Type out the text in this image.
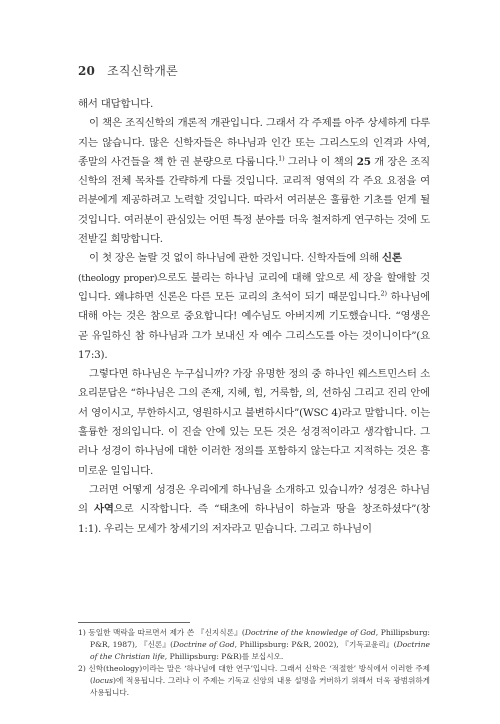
20 조직신학개론

해서 대답합니다.

이 책은 조직신학의 개론적 개관입니다. 그래서 각 주제를 아주 상세하게 다루지는 않습니다. 많은 신학자들은 하나님과 인간 또는 그리스도의 인격과 사역, 종말의 사건들을 책 한 권 분량으로 다룹니다.$^{1)}$ 그러나 이 책의 25 개 장은 조직신학의 전체 목차를 간략하게 다룰 것입니다. 교리적 영역의 각 주요 요점을 여러분에게 제공하려고 노력할 것입니다. 따라서 여러분은 훌륭한 기초를 얻게 될 것입니다. 여러분이 관심있는 어떤 특정 분야를 더욱 철저하게 연구하는 것에 도전받길 희망합니다.

이 첫 장은 놀랄 것 없이 하나님에 관한 것입니다. 신학자들에 의해 신론
(theology proper)으로도 불리는 하나님 교리에 대해 앞으로 세 장을 할애할 것입니다. 왜냐하면 신론은 다른 모든 교리의 초석이 되기 때문입니다.$^{2)}$ 하나님에 대해 아는 것은 참으로 중요합니다! 예수님도 아버지께 기도했습니다. “영생은 곧 유일하신 참 하나님과 그가 보내신 자 예수 그리스도를 아는 것이니이다”(요 17:3).

그렇다면 하나님은 누구십니까? 가장 유명한 정의 중 하나인 웨스트민스터 소요리문답은 “하나님은 그의 존재, 지혜, 힘, 거룩함, 의, 선하심 그리고 진리 안에서 영이시고, 무한하시고, 영원하시고 불변하시다”(WSC 4)라고 말합니다. 이는 훌륭한 정의입니다. 이 진술 안에 있는 모든 것은 성경적이라고 생각합니다. 그러나 성경이 하나님에 대한 이러한 정의를 포함하지 않는다고 지적하는 것은 흥미로운 일입니다.

그러면 어떻게 성경은 우리에게 하나님을 소개하고 있습니까? 성경은 하나님의 사역으로 시작합니다. 즉 “태초에 하나님이 하늘과 땅을 창조하셨다”(창 1:1). 우리는 모세가 창세기의 저자라고 믿습니다. 그리고 하나님이

1) 동일한 맥락을 따르면서 제가 쓴 『신지식론』(Doctrine of the knowledge of God, Phillipsburg: P&R, 1987), 『신론』(Doctrine of God, Phillipsburg: P&R, 2002), 『기독교윤리』(Doctrine of the Christian life, Phillipsburg: P&R)를 보십시오.

2) 신학(theology)이라는 말은 ‘하나님에 대한 연구’입니다. 그래서 신학은 ‘적절한’ 방식에서 이러한 주제(locus)에 적용됩니다. 그러나 이 주제는 기독교 신앙의 내용 설명을 커버하기 위해서 더욱 광범위하게 사용됩니다.
